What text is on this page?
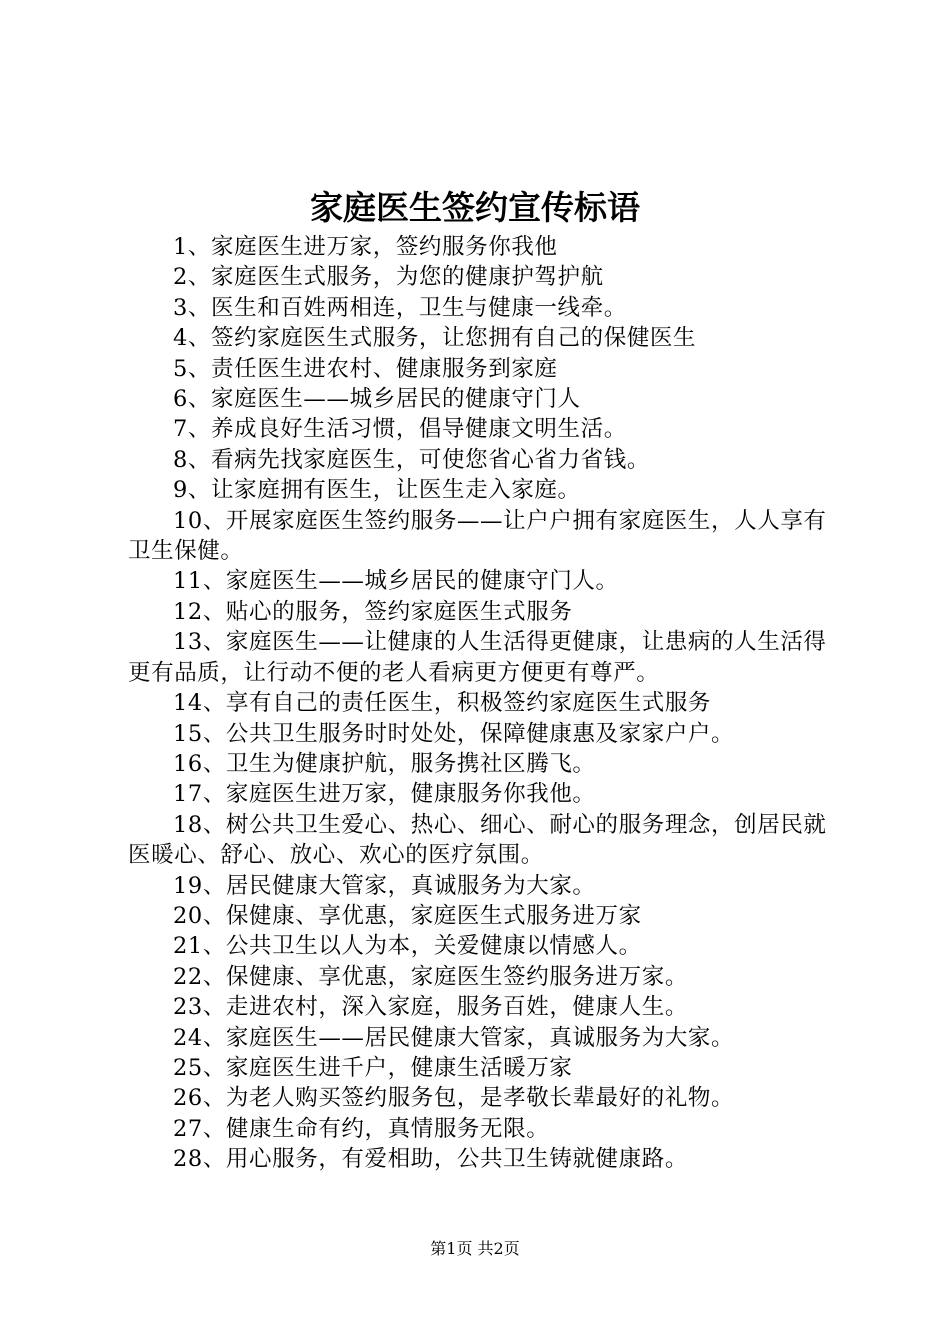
家庭医生签约宣传标语
1、家庭医生进万家，签约服务你我他
2、家庭医生式服务，为您的健康护驾护航
3、医生和百姓两相连，卫生与健康一线牵。
4、签约家庭医生式服务，让您拥有自己的保健医生
5、责任医生进农村、健康服务到家庭
6、家庭医生——城乡居民的健康守门人
7、养成良好生活习惯，倡导健康文明生活。
8、看病先找家庭医生，可使您省心省力省钱。
9、让家庭拥有医生，让医生走入家庭。
10、开展家庭医生签约服务——让户户拥有家庭医生，人人享有卫生保健。
11、家庭医生——城乡居民的健康守门人。
12、贴心的服务，签约家庭医生式服务
13、家庭医生——让健康的人生活得更健康，让患病的人生活得更有品质，让行动不便的老人看病更方便更有尊严。
14、享有自己的责任医生，积极签约家庭医生式服务
15、公共卫生服务时时处处，保障健康惠及家家户户。
16、卫生为健康护航，服务携社区腾飞。
17、家庭医生进万家，健康服务你我他。
18、树公共卫生爱心、热心、细心、耐心的服务理念，创居民就医暖心、舒心、放心、欢心的医疗氛围。
19、居民健康大管家，真诚服务为大家。
20、保健康、享优惠，家庭医生式服务进万家
21、公共卫生以人为本，关爱健康以情感人。
22、保健康、享优惠，家庭医生签约服务进万家。
23、走进农村，深入家庭，服务百姓，健康人生。
24、家庭医生——居民健康大管家，真诚服务为大家。
25、家庭医生进千户，健康生活暖万家
26、为老人购买签约服务包，是孝敬长辈最好的礼物。
27、健康生命有约，真情服务无限。
28、用心服务，有爱相助，公共卫生铸就健康路。
第1页 共2页
